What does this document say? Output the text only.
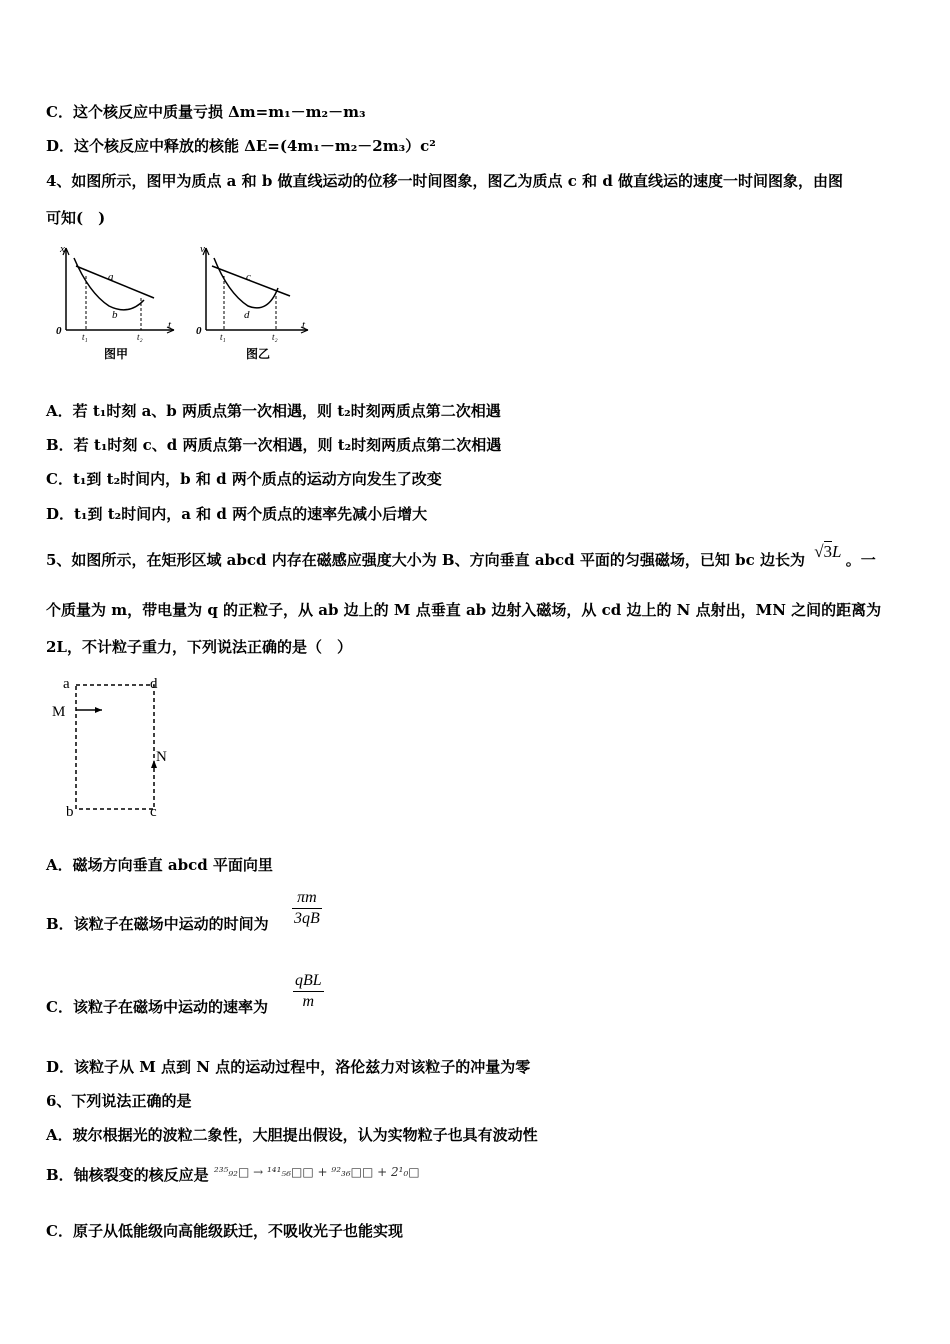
C．这个核反应中质量亏损 Δm=m₁－m₂－m₃
D．这个核反应中释放的核能 ΔE=(4m₁－m₂－2m₃）c²
4、如图所示，图甲为质点 a 和 b 做直线运动的位移一时间图象，图乙为质点 c 和 d 做直线运的速度一时间图象，由图
可知(　)
x
t
0 t₁	t₂
a
b
图甲
v
t
0 t₁	t₂
c
d
图乙
A．若 t₁时刻 a、b 两质点第一次相遇，则 t₂时刻两质点第二次相遇
B．若 t₁时刻 c、d 两质点第一次相遇，则 t₂时刻两质点第二次相遇
C．t₁到 t₂时间内，b 和 d 两个质点的运动方向发生了改变
D．t₁到 t₂时间内，a 和 d 两个质点的速率先减小后增大
5、如图所示，在矩形区域 abcd 内存在磁感应强度大小为 B、方向垂直 abcd 平面的匀强磁场，已知 bc 边长为 √3L 。一
个质量为 m，带电量为 q 的正粒子，从 ab 边上的 M 点垂直 ab 边射入磁场，从 cd 边上的 N 点射出，MN 之间的距离为
2L，不计粒子重力，下列说法正确的是（　）
a	d
b	c
M
N
A．磁场方向垂直 abcd 平面向里
B．该粒子在磁场中运动的时间为
πm
3qB
C．该粒子在磁场中运动的速率为
qBL
m
D．该粒子从 M 点到 N 点的运动过程中，洛伦兹力对该粒子的冲量为零
6、下列说法正确的是
A．玻尔根据光的波粒二象性，大胆提出假设，认为实物粒子也具有波动性
B．铀核裂变的核反应是 $^{^{235}_{92}□ \to ^{141}_{56}□□ + ^{92}_{36}□□ + 2^1_0□}$
C．原子从低能级向高能级跃迁，不吸收光子也能实现
